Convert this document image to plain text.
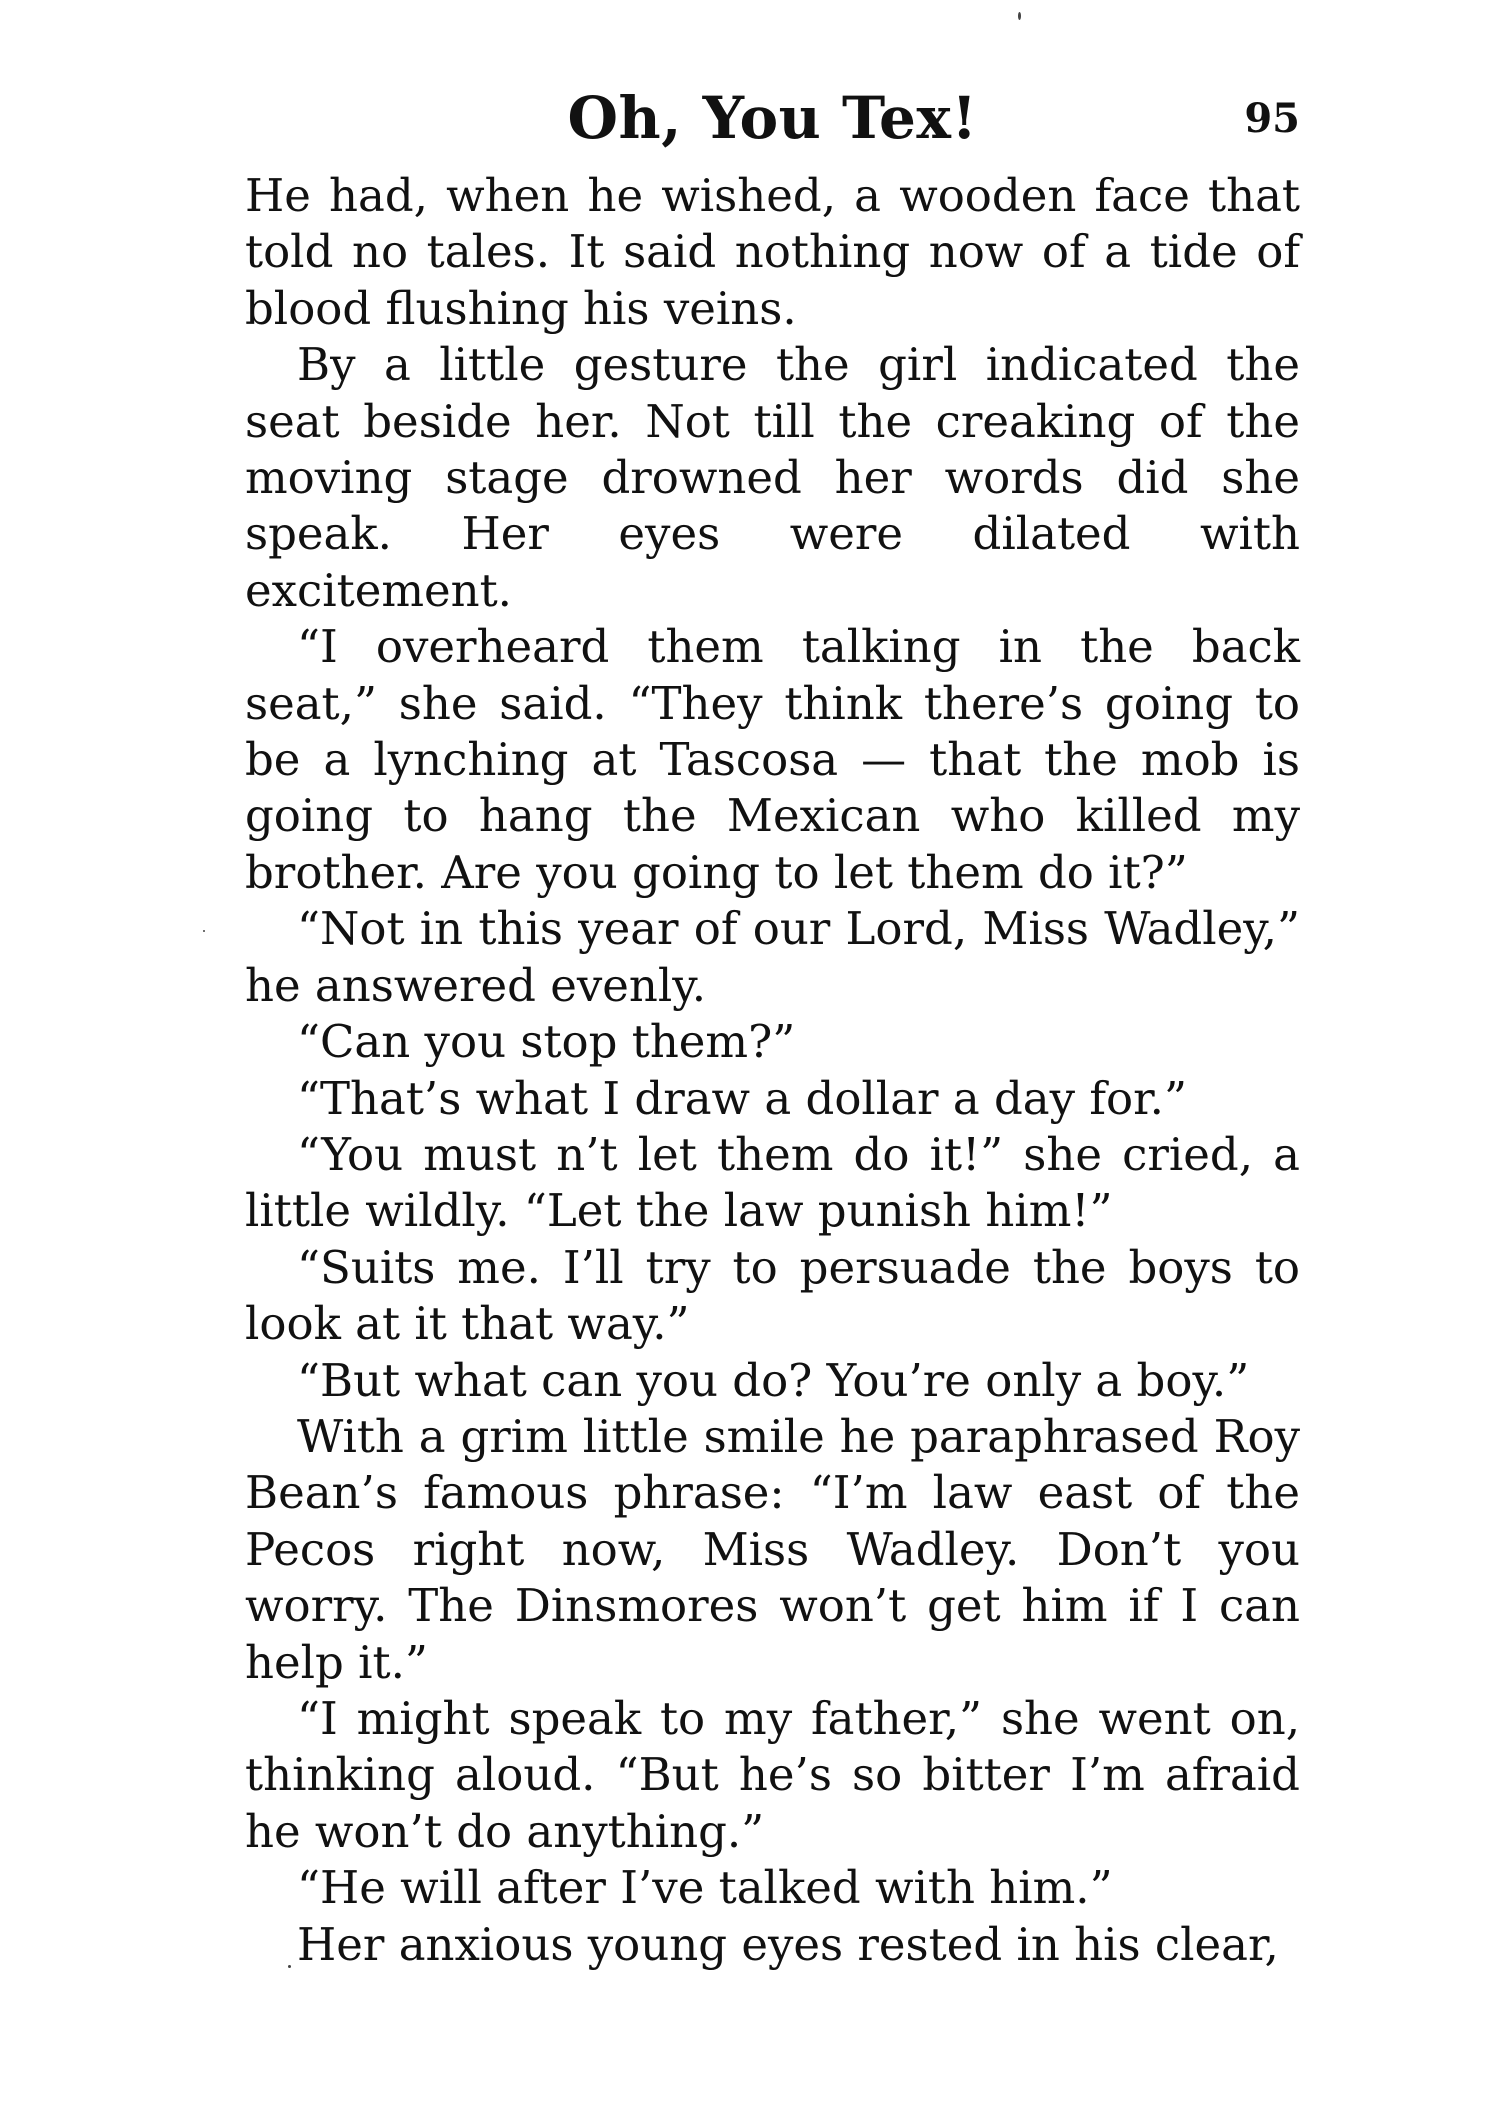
Oh, You Tex!	95

He had, when he wished, a wooden face that told no tales. It said nothing now of a tide of blood flushing his veins.

By a little gesture the girl indicated the seat beside her. Not till the creaking of the moving stage drowned her words did she speak. Her eyes were dilated with excitement.

“I overheard them talking in the back seat,” she said. “They think there’s going to be a lynching at Tascosa — that the mob is going to hang the Mexican who killed my brother. Are you going to let them do it?”

“Not in this year of our Lord, Miss Wadley,” he answered evenly.

“Can you stop them?”

“That’s what I draw a dollar a day for.”

“You must n’t let them do it!” she cried, a little wildly. “Let the law punish him!”

“Suits me. I’ll try to persuade the boys to look at it that way.”

“But what can you do? You’re only a boy.”

With a grim little smile he paraphrased Roy Bean’s famous phrase: “I’m law east of the Pecos right now, Miss Wadley. Don’t you worry. The Dinsmores won’t get him if I can help it.”

“I might speak to my father,” she went on, thinking aloud. “But he’s so bitter I’m afraid he won’t do anything.”

“He will after I’ve talked with him.”

Her anxious young eyes rested in his clear,
